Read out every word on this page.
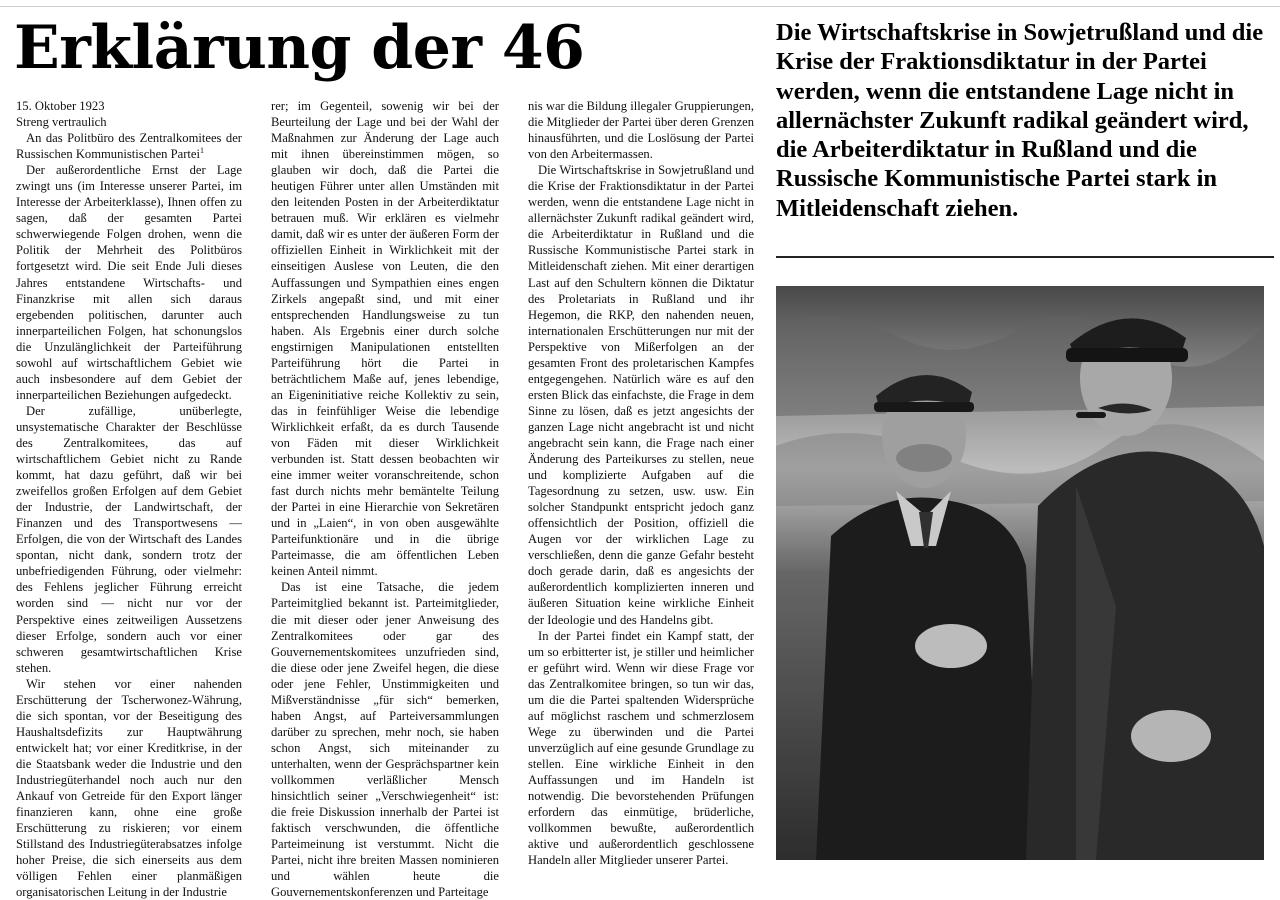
Erklärung der 46

15. Oktober 1923

Streng vertraulich

An das Politbüro des Zentralkomitees der Russischen Kommunistischen Partei$^1$

Der außerordentliche Ernst der Lage zwingt uns (im Interesse unserer Partei, im Interesse der Arbeiterklasse), Ihnen offen zu sagen, daß der gesamten Partei schwerwiegende Folgen drohen, wenn die Politik der Mehrheit des Politbüros fortgesetzt wird. Die seit Ende Juli dieses Jahres entstandene Wirtschafts- und Finanzkrise mit allen sich daraus ergebenden politischen, darunter auch innerparteilichen Folgen, hat schonungslos die Unzulänglichkeit der Parteiführung sowohl auf wirtschaftlichem Gebiet wie auch insbesondere auf dem Gebiet der innerparteilichen Beziehungen aufgedeckt.

Der zufällige, unüberlegte, unsystematische Charakter der Beschlüsse des Zentralkomitees, das auf wirtschaftlichem Gebiet nicht zu Rande kommt, hat dazu geführt, daß wir bei zweifellos großen Erfolgen auf dem Gebiet der Industrie, der Landwirtschaft, der Finanzen und des Transportwesens — Erfolgen, die von der Wirtschaft des Landes spontan, nicht dank, sondern trotz der unbefriedigenden Führung, oder vielmehr: des Fehlens jeglicher Führung erreicht worden sind — nicht nur vor der Perspektive eines zeitweiligen Aussetzens dieser Erfolge, sondern auch vor einer schweren gesamtwirtschaftlichen Krise stehen.

Wir stehen vor einer nahenden Erschütterung der Tscherwonez-Währung, die sich spontan, vor der Beseitigung des Haushaltsdefizits zur Hauptwährung entwickelt hat; vor einer Kreditkrise, in der die Staatsbank weder die Industrie und den Industriegüterhandel noch auch nur den Ankauf von Getreide für den Export länger finanzieren kann, ohne eine große Erschütterung zu riskieren; vor einem Stillstand des Industriegüterabsatzes infolge hoher Preise, die sich einerseits aus dem völligen Fehlen einer planmäßigen organisatorischen Leitung in der Industrie

rer; im Gegenteil, sowenig wir bei der Beurteilung der Lage und bei der Wahl der Maßnahmen zur Änderung der Lage auch mit ihnen übereinstimmen mögen, so glauben wir doch, daß die Partei die heutigen Führer unter allen Umständen mit den leitenden Posten in der Arbeiterdiktatur betrauen muß. Wir erklären es vielmehr damit, daß wir es unter der äußeren Form der offiziellen Einheit in Wirklichkeit mit der einseitigen Auslese von Leuten, die den Auffassungen und Sympathien eines engen Zirkels angepaßt sind, und mit einer entsprechenden Handlungsweise zu tun haben. Als Ergebnis einer durch solche engstirnigen Manipulationen entstellten Parteiführung hört die Partei in beträchtlichem Maße auf, jenes lebendige, an Eigeninitiative reiche Kollektiv zu sein, das in feinfühliger Weise die lebendige Wirklichkeit erfaßt, da es durch Tausende von Fäden mit dieser Wirklichkeit verbunden ist. Statt dessen beobachten wir eine immer weiter voranschreitende, schon fast durch nichts mehr bemäntelte Teilung der Partei in eine Hierarchie von Sekretären und in „Laien“, in von oben ausgewählte Parteifunktionäre und in die übrige Parteimasse, die am öffentlichen Leben keinen Anteil nimmt.

Das ist eine Tatsache, die jedem Parteimitglied bekannt ist. Parteimitglieder, die mit dieser oder jener Anweisung des Zentralkomitees oder gar des Gouvernementskomitees unzufrieden sind, die diese oder jene Zweifel hegen, die diese oder jene Fehler, Unstimmigkeiten und Mißverständnisse „für sich“ bemerken, haben Angst, auf Parteiversammlungen darüber zu sprechen, mehr noch, sie haben schon Angst, sich miteinander zu unterhalten, wenn der Gesprächspartner kein vollkommen verläßlicher Mensch hinsichtlich seiner „Verschwiegenheit“ ist: die freie Diskussion innerhalb der Partei ist faktisch verschwunden, die öffentliche Parteimeinung ist verstummt. Nicht die Partei, nicht ihre breiten Massen nominieren und wählen heute die Gouvernementskonferenzen und Parteitage

nis war die Bildung illegaler Gruppierungen, die Mitglieder der Partei über deren Grenzen hinausführten, und die Loslösung der Partei von den Arbeitermassen.

Die Wirtschaftskrise in Sowjetrußland und die Krise der Fraktionsdiktatur in der Partei werden, wenn die entstandene Lage nicht in allernächster Zukunft radikal geändert wird, die Arbeiterdiktatur in Rußland und die Russische Kommunistische Partei stark in Mitleidenschaft ziehen. Mit einer derartigen Last auf den Schultern können die Diktatur des Proletariats in Rußland und ihr Hegemon, die RKP, den nahenden neuen, internationalen Erschütterungen nur mit der Perspektive von Mißerfolgen an der gesamten Front des proletarischen Kampfes entgegengehen. Natürlich wäre es auf den ersten Blick das einfachste, die Frage in dem Sinne zu lösen, daß es jetzt angesichts der ganzen Lage nicht angebracht ist und nicht angebracht sein kann, die Frage nach einer Änderung des Parteikurses zu stellen, neue und komplizierte Aufgaben auf die Tagesordnung zu setzen, usw. usw. Ein solcher Standpunkt entspricht jedoch ganz offensichtlich der Position, offiziell die Augen vor der wirklichen Lage zu verschließen, denn die ganze Gefahr besteht doch gerade darin, daß es angesichts der außerordentlich komplizierten inneren und äußeren Situation keine wirkliche Einheit der Ideologie und des Handelns gibt.

In der Partei findet ein Kampf statt, der um so erbitterter ist, je stiller und heimlicher er geführt wird. Wenn wir diese Frage vor das Zentralkomitee bringen, so tun wir das, um die die Partei spaltenden Widersprüche auf möglichst raschem und schmerzlosem Wege zu überwinden und die Partei unverzüglich auf eine gesunde Grundlage zu stellen. Eine wirkliche Einheit in den Auffassungen und im Handeln ist notwendig. Die bevorstehenden Prüfungen erfordern das einmütige, brüderliche, vollkommen bewußte, außerordentlich aktive und außerordentlich geschlossene Handeln aller Mitglieder unserer Partei.

Die Wirtschaftskrise in Sowjetrußland und die Krise der Fraktionsdiktatur in der Partei werden, wenn die entstandene Lage nicht in allernächster Zukunft radikal geändert wird, die Arbeiterdiktatur in Rußland und die Russische Kommunistische Partei stark in Mitleidenschaft ziehen.
